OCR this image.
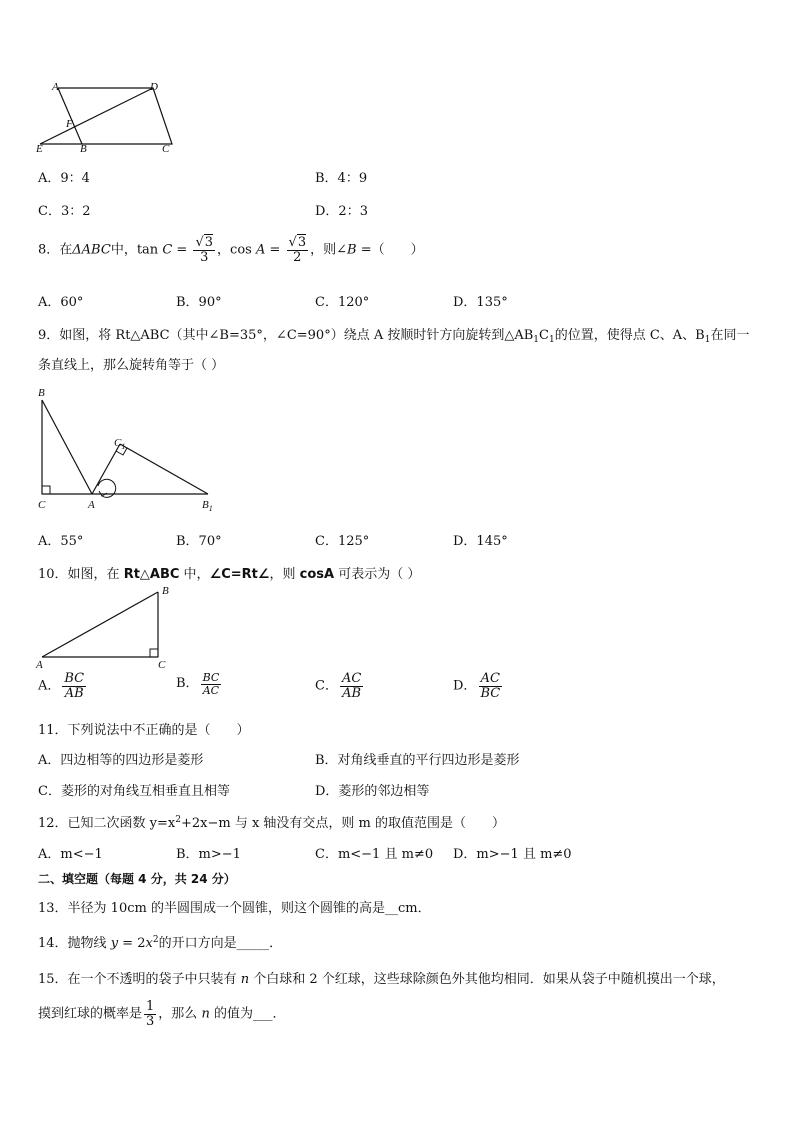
A	D
F
E	B	C
A．9：4	B．4：9
C．3：2	D．2：3
8．在ΔABC中，$\tan C = \frac{√3}{3}$ ，$\cos A = \frac{√3}{2}$ ，则∠B =（　　）
A．60°	B．90°	C．120°	D．135°
9．如图，将 Rt△ABC（其中∠B=35°，∠C=90°）绕点 A 按顺时针方向旋转到$\triangle AB_1C_1$的位置，使得点 C、A、$B_1$在同一
条直线上，那么旋转角等于（ ）
B
$C_1$
C	A	$B_1$
A．55°	B．70°	C．125°	D．145°
10．如图，在 Rt△ABC 中，∠C=Rt∠，则 cosA 可表示为（ ）
A
B
C
A． $\frac{BC}{AB}$	B． $\frac{BC}{AC}$	C． $\frac{AC}{AB}$	D． $\frac{AC}{BC}$
11．下列说法中不正确的是（　　）
A．四边相等的四边形是菱形	B．对角线垂直的平行四边形是菱形
C．菱形的对角线互相垂直且相等	D．菱形的邻边相等
12．已知二次函数 $y=x^2+2x-m$ 与 x 轴没有交点，则 m 的取值范围是（　　）
A．m<−1	B．m>−1	C．m<−1 且 m≠0 D．m>−1 且 m≠0
二、填空题（每题 4 分，共 24 分）
13．半径为 10cm 的半圆围成一个圆锥，则这个圆锥的高是__cm．
14．抛物线 $y = 2x^2$的开口方向是_____．
15．在一个不透明的袋子中只装有 n 个白球和 2 个红球，这些球除颜色外其他均相同．如果从袋子中随机摸出一个球，
摸到红球的概率是 $\frac{1}{3}$ ，那么 n 的值为___．
